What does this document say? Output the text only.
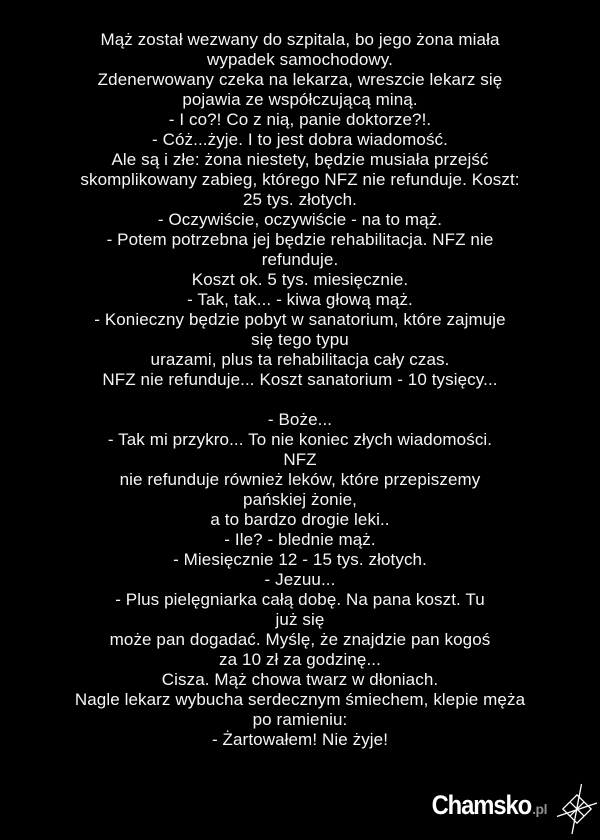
Mąż został wezwany do szpitala, bo jego żona miała
wypadek samochodowy.
Zdenerwowany czeka na lekarza, wreszcie lekarz się
pojawia ze współczującą miną.
- I co?! Co z nią, panie doktorze?!.
- Cóż...żyje. I to jest dobra wiadomość.
Ale są i złe: żona niestety, będzie musiała przejść
skomplikowany zabieg, którego NFZ nie refunduje. Koszt:
25 tys. złotych.
- Oczywiście, oczywiście - na to mąż.
- Potem potrzebna jej będzie rehabilitacja. NFZ nie
refunduje.
Koszt ok. 5 tys. miesięcznie.
- Tak, tak... - kiwa głową mąż.
- Konieczny będzie pobyt w sanatorium, które zajmuje
się tego typu
urazami, plus ta rehabilitacja cały czas.
NFZ nie refunduje... Koszt sanatorium - 10 tysięcy...
- Boże...
- Tak mi przykro... To nie koniec złych wiadomości.
NFZ
nie refunduje również leków, które przepiszemy
pańskiej żonie,
a to bardzo drogie leki..
- Ile? - blednie mąż.
- Miesięcznie 12 - 15 tys. złotych.
- Jezuu...
- Plus pielęgniarka całą dobę. Na pana koszt. Tu
już się
może pan dogadać. Myślę, że znajdzie pan kogoś
za 10 zł za godzinę...
Cisza. Mąż chowa twarz w dłoniach.
Nagle lekarz wybucha serdecznym śmiechem, klepie męża
po ramieniu:
- Żartowałem! Nie żyje!
Chamsko .pl
